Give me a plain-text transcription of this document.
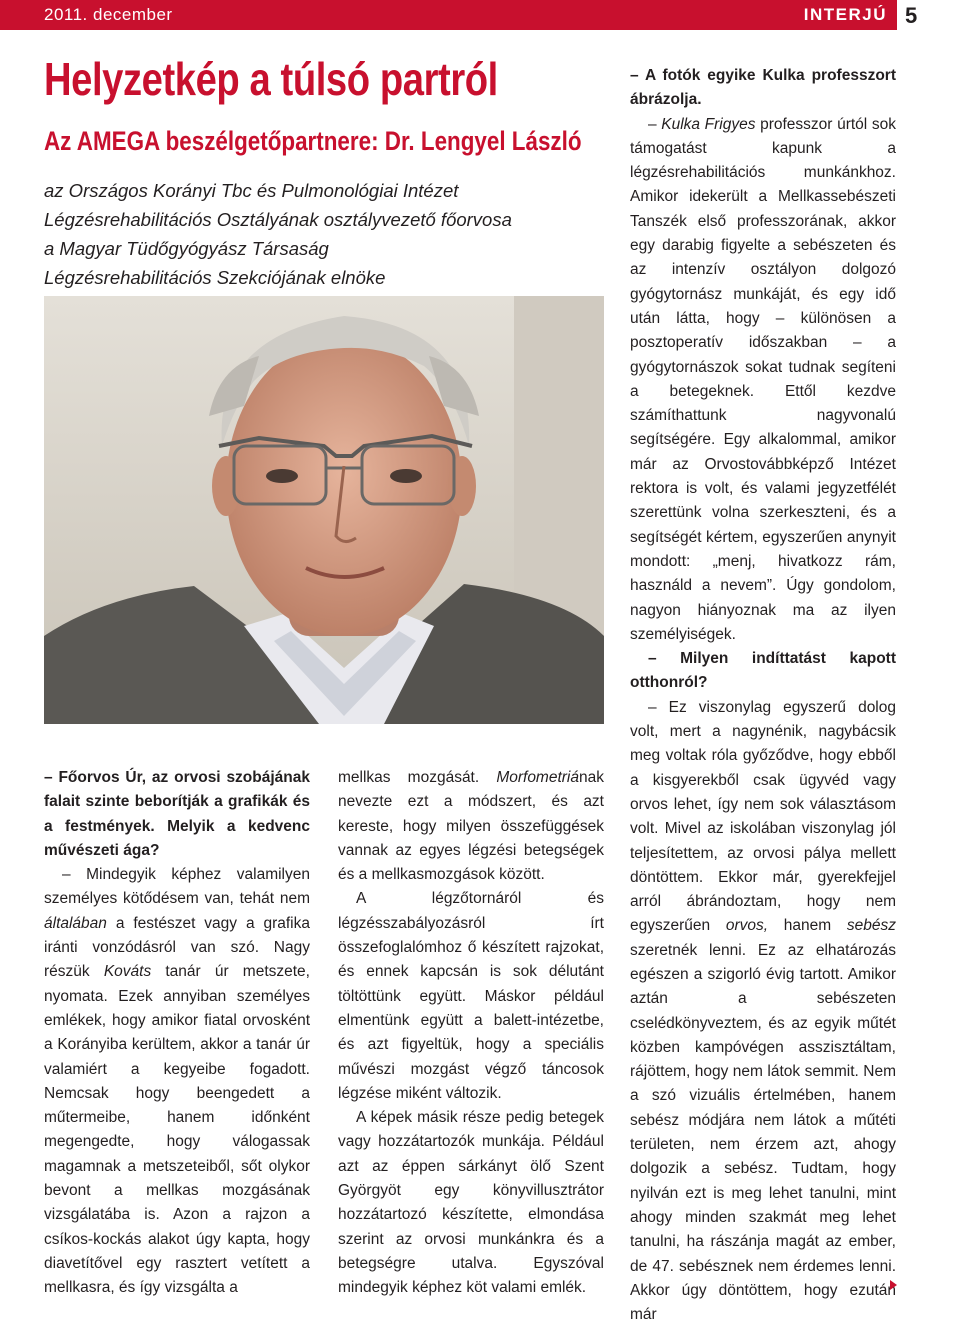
2011. december	INTERJÚ 5
Helyzetkép a túlsó partról
Az AMEGA beszélgetőpartnere: Dr. Lengyel László
az Országos Korányi Tbc és Pulmonológiai Intézet
Légzésrehabilitációs Osztályának osztályvezető főorvosa
a Magyar Tüdőgyógyász Társaság
Légzésrehabilitációs Szekciójának elnöke

– Főorvos Úr, az orvosi szobájának falait szinte beborítják a grafikák és a festmények. Melyik a kedvenc művészeti ága?

– Mindegyik képhez valamilyen személyes kötődésem van, tehát nem általában a festészet vagy a grafika iránti vonzódásról van szó. Nagy részük Kováts tanár úr metszete, nyomata. Ezek annyiban személyes emlékek, hogy amikor fiatal orvosként a Korányiba kerültem, akkor a tanár úr valamiért a kegyeibe fogadott. Nemcsak hogy beengedett a műtermeibe, hanem időnként megengedte, hogy válogassak magamnak a metszeteiből, sőt olykor bevont a mellkas mozgásának vizsgálatába is. Azon a rajzon a csíkos-kockás alakot úgy kapta, hogy diavetítővel egy rasztert vetített a mellkasra, és így vizsgálta a

mellkas mozgását. Morfometriának nevezte ezt a módszert, és azt kereste, hogy milyen összefüggések vannak az egyes légzési betegségek és a mellkasmozgások között.

A légzőtornáról és légzésszabályozásról írt összefoglalómhoz ő készített rajzokat, és ennek kapcsán is sok délutánt töltöttünk együtt. Máskor például elmentünk együtt a balett-intézetbe, és azt figyeltük, hogy a speciális művészi mozgást végző táncosok légzése miként változik.

A képek másik része pedig betegek vagy hozzátartozók munkája. Például azt az éppen sárkányt ölő Szent Györgyöt egy könyvillusztrátor hozzátartozó készítette, elmondása szerint az orvosi munkánkra és a betegségre utalva. Egyszóval mindegyik képhez köt valami emlék.

– A fotók egyike Kulka professzort ábrázolja.

– Kulka Frigyes professzor úrtól sok támogatást kapunk a légzésrehabilitációs munkánkhoz. Amikor idekerült a Mellkassebészeti Tanszék első professzorának, akkor egy darabig figyelte a sebészeten és az intenzív osztályon dolgozó gyógytornász munkáját, és egy idő után látta, hogy – különösen a posztoperatív időszakban – a gyógytornászok sokat tudnak segíteni a betegeknek. Ettől kezdve számíthattunk nagyvonalú segítségére. Egy alkalommal, amikor már az Orvostovábbképző Intézet rektora is volt, és valami jegyzetfélét szerettünk volna szerkeszteni, és a segítségét kértem, egyszerűen anynyit mondott: „menj, hivatkozz rám, használd a nevem”. Úgy gondolom, nagyon hiányoznak ma az ilyen személyiségek.

– Milyen indíttatást kapott otthonról?

– Ez viszonylag egyszerű dolog volt, mert a nagynénik, nagybácsik meg voltak róla győződve, hogy ebből a kisgyerekből csak ügyvéd vagy orvos lehet, így nem sok választásom volt. Mivel az iskolában viszonylag jól teljesítettem, az orvosi pálya mellett döntöttem. Ekkor már, gyerekfejjel arról ábrándoztam, hogy nem egyszerűen orvos, hanem sebész szeretnék lenni. Ez az elhatározás egészen a szigorló évig tartott. Amikor aztán a sebészeten cselédkönyveztem, és az egyik műtét közben kampóvégen asszisztáltam, rájöttem, hogy nem látok semmit. Nem a szó vizuális értelmében, hanem sebész módjára nem látok a műtéti területen, nem érzem azt, ahogy dolgozik a sebész. Tudtam, hogy nyilván ezt is meg lehet tanulni, mint ahogy minden szakmát meg lehet tanulni, ha rászánja magát az ember, de 47. sebésznek nem érdemes lenni. Akkor úgy döntöttem, hogy ezután már
